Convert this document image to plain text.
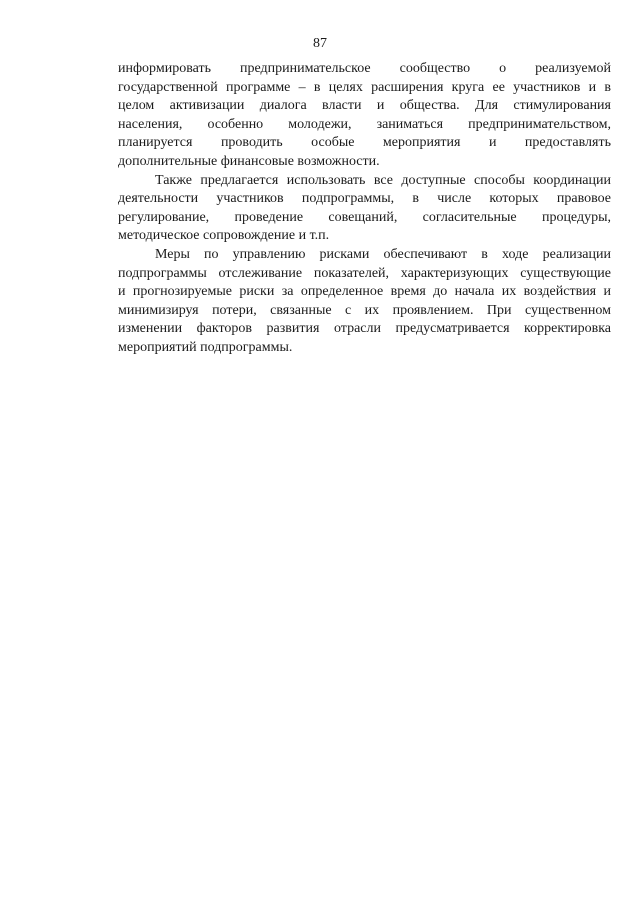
87
информировать предпринимательское сообщество о реализуемой
государственной программе – в целях расширения круга ее участников и в
целом активизации диалога власти и общества. Для стимулирования
населения, особенно молодежи, заниматься предпринимательством,
планируется проводить особые мероприятия и предоставлять
дополнительные финансовые возможности.
Также предлагается использовать все доступные способы координации
деятельности участников подпрограммы, в числе которых правовое
регулирование, проведение совещаний, согласительные процедуры,
методическое сопровождение и т.п.
Меры по управлению рисками обеспечивают в ходе реализации
подпрограммы отслеживание показателей, характеризующих существующие
и прогнозируемые риски за определенное время до начала их воздействия и
минимизируя потери, связанные с их проявлением. При существенном
изменении факторов развития отрасли предусматривается корректировка
мероприятий подпрограммы.
